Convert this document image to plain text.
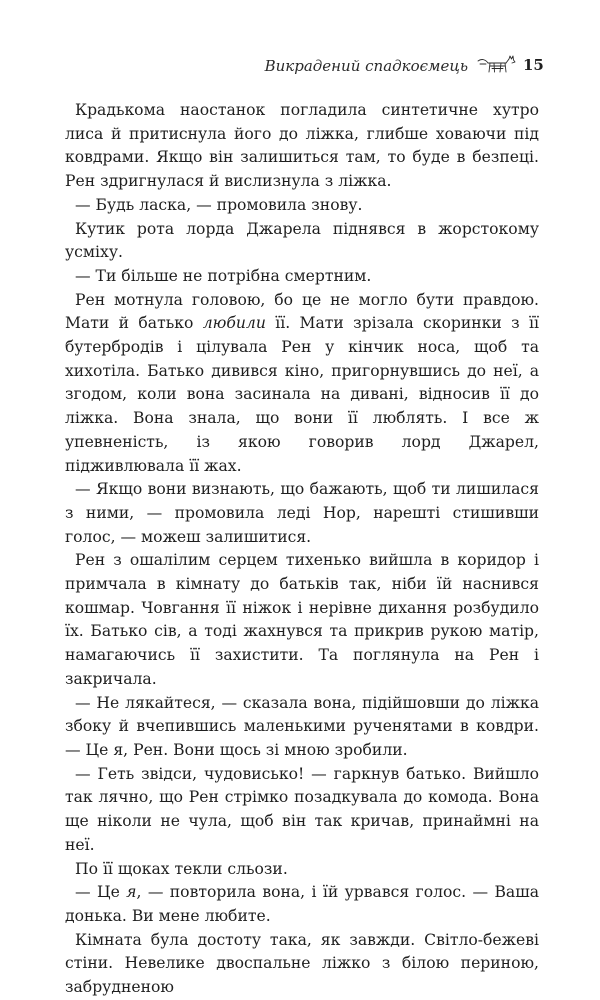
Викрадений спадкоємець	15

Крадькома наостанок погладила синтетичне хутро лиса й притиснула його до ліжка, глибше ховаючи під ковдрами. Якщо він залишиться там, то буде в безпеці. Рен здригнулася й вислизнула з ліжка.

— Будь ласка, — промовила знову.

Кутик рота лорда Джарела піднявся в жорстокому усміху.

— Ти більше не потрібна смертним.

Рен мотнула головою, бо це не могло бути правдою. Мати й батько любили її. Мати зрізала скоринки з її бутербродів і цілувала Рен у кінчик носа, щоб та хихотіла. Батько дивився кіно, пригорнувшись до неї, а згодом, коли вона засинала на дивані, відносив її до ліжка. Вона знала, що вони її люблять. І все ж упевненість, із якою говорив лорд Джарел, підживлювала її жах.

— Якщо вони визнають, що бажають, щоб ти лишилася з ними, — промовила леді Нор, нарешті стишивши голос, — можеш залишитися.

Рен з ошалілим серцем тихенько вийшла в коридор і примчала в кімнату до батьків так, ніби їй наснився кошмар. Човгання її ніжок і нерівне дихання розбудило їх. Батько сів, а тоді жахнувся та прикрив рукою матір, намагаючись її захистити. Та поглянула на Рен і закричала.

— Не лякайтеся, — сказала вона, підійшовши до ліжка збоку й вчепившись маленькими рученятами в ковдри. — Це я, Рен. Вони щось зі мною зробили.

— Геть звідси, чудовисько! — гаркнув батько. Вийшло так лячно, що Рен стрімко позадкувала до комода. Вона ще ніколи не чула, щоб він так кричав, принаймні на неї.

По її щоках текли сльози.

— Це я, — повторила вона, і їй урвався голос. — Ваша донька. Ви мене любите.

Кімната була достоту така, як завжди. Світло-бежеві стіни. Невелике двоспальне ліжко з білою периною, забрудненою
